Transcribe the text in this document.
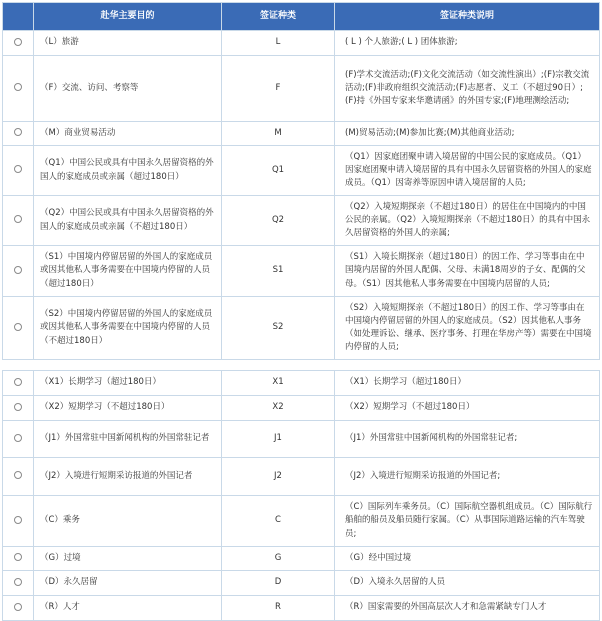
	赴华主要目的	签证种类	签证种类说明
	（L）旅游	L	( L ) 个人旅游;( L ) 团体旅游;
	（F）交流、访问、考察等	F	(F)学术交流活动;(F)文化交流活动（如交流性演出）;(F)宗教交流活动;(F)非政府组织交流活动;(F)志愿者、义工（不超过90日）;(F)持《外国专家来华邀请函》的外国专家;(F)地理测绘活动;
	（M）商业贸易活动	M	(M)贸易活动;(M)参加比赛;(M)其他商业活动;
	（Q1）中国公民或具有中国永久居留资格的外国人的家庭成员或亲属（超过180日）	Q1	（Q1）因家庭团聚申请入境居留的中国公民的家庭成员。（Q1）因家庭团聚申请入境居留的具有中国永久居留资格的外国人的家庭成员。（Q1）因寄养等原因申请入境居留的人员;
	（Q2）中国公民或具有中国永久居留资格的外国人的家庭成员或亲属（不超过180日）	Q2	（Q2）入境短期探亲（不超过180日）的居住在中国境内的中国公民的亲属。（Q2）入境短期探亲（不超过180日）的具有中国永久居留资格的外国人的亲属;
	（S1）中国境内停留居留的外国人的家庭成员或因其他私人事务需要在中国境内停留的人员（超过180日）	S1	（S1）入境长期探亲（超过180日）的因工作、学习等事由在中国境内居留的外国人配偶、父母、未满18周岁的子女、配偶的父母。（S1）因其他私人事务需要在中国境内居留的人员;
	（S2）中国境内停留居留的外国人的家庭成员或因其他私人事务需要在中国境内停留的人员（不超过180日）	S2	（S2）入境短期探亲（不超过180日）的因工作、学习等事由在中国境内停留居留的外国人的家庭成员。（S2）因其他私人事务（如处理诉讼、继承、医疗事务、打理在华房产等）需要在中国境内停留的人员;
	（X1）长期学习（超过180日）	X1	（X1）长期学习（超过180日）
	（X2）短期学习（不超过180日）	X2	（X2）短期学习（不超过180日）
	（J1）外国常驻中国新闻机构的外国常驻记者	J1	（J1）外国常驻中国新闻机构的外国常驻记者;
	（J2）入境进行短期采访报道的外国记者	J2	（J2）入境进行短期采访报道的外国记者;
	（C）乘务	C	（C）国际列车乘务员。（C）国际航空器机组成员。（C）国际航行船舶的船员及船员随行家属。（C）从事国际道路运输的汽车驾驶员;
	（G）过境	G	（G）经中国过境
	（D）永久居留	D	（D）入境永久居留的人员
	（R）人才	R	（R）国家需要的外国高层次人才和急需紧缺专门人才
